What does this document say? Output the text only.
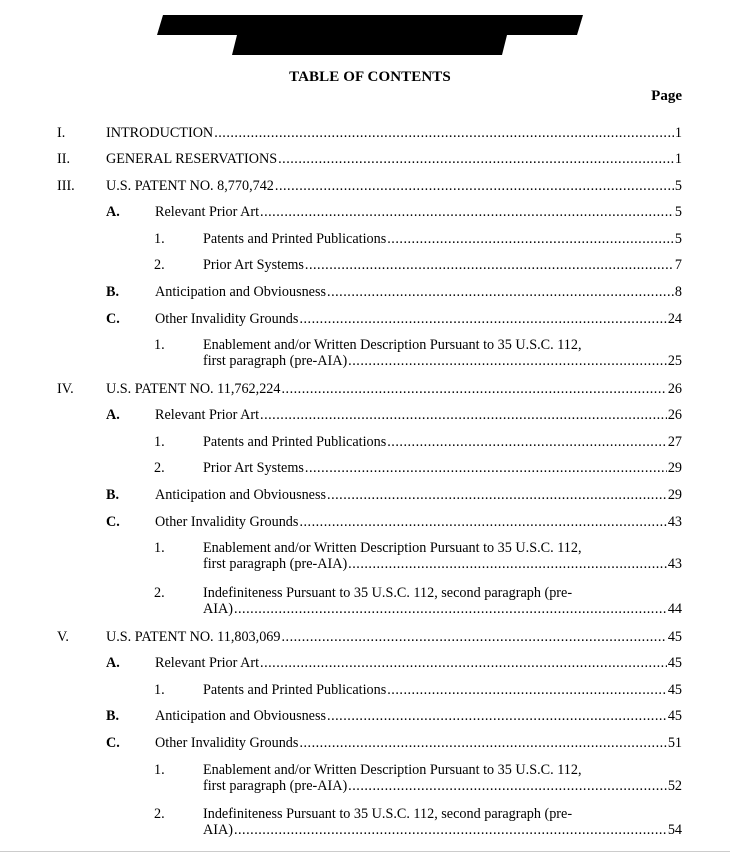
TABLE OF CONTENTS
Page
I.	INTRODUCTION .....	1
II.	GENERAL RESERVATIONS .....	1
III. U.S. PATENT NO. 8,770,742 .....	5
A. Relevant Prior Art .....	5
1.	Patents and Printed Publications .....	5
2.	Prior Art Systems .....	7
B.	Anticipation and Obviousness .....	8
C. Other Invalidity Grounds .....	24
1.	Enablement and/or Written Description Pursuant to 35 U.S.C. 112,
first paragraph (pre-AIA) .....	25
IV. U.S. PATENT NO. 11,762,224 .....	26
A. Relevant Prior Art .....	26
1.	Patents and Printed Publications .....	27
2.	Prior Art Systems .....	29
B.	Anticipation and Obviousness .....	29
C. Other Invalidity Grounds .....	43
1.	Enablement and/or Written Description Pursuant to 35 U.S.C. 112,
first paragraph (pre-AIA) .....	43
2.	Indefiniteness Pursuant to 35 U.S.C. 112, second paragraph (pre-
AIA) .....	44
V.	U.S. PATENT NO. 11,803,069 .....	45
A. Relevant Prior Art .....	45
1.	Patents and Printed Publications .....	45
B.	Anticipation and Obviousness .....	45
C. Other Invalidity Grounds .....	51
1.	Enablement and/or Written Description Pursuant to 35 U.S.C. 112,
first paragraph (pre-AIA) .....	52
2.	Indefiniteness Pursuant to 35 U.S.C. 112, second paragraph (pre-
AIA) .....	54
